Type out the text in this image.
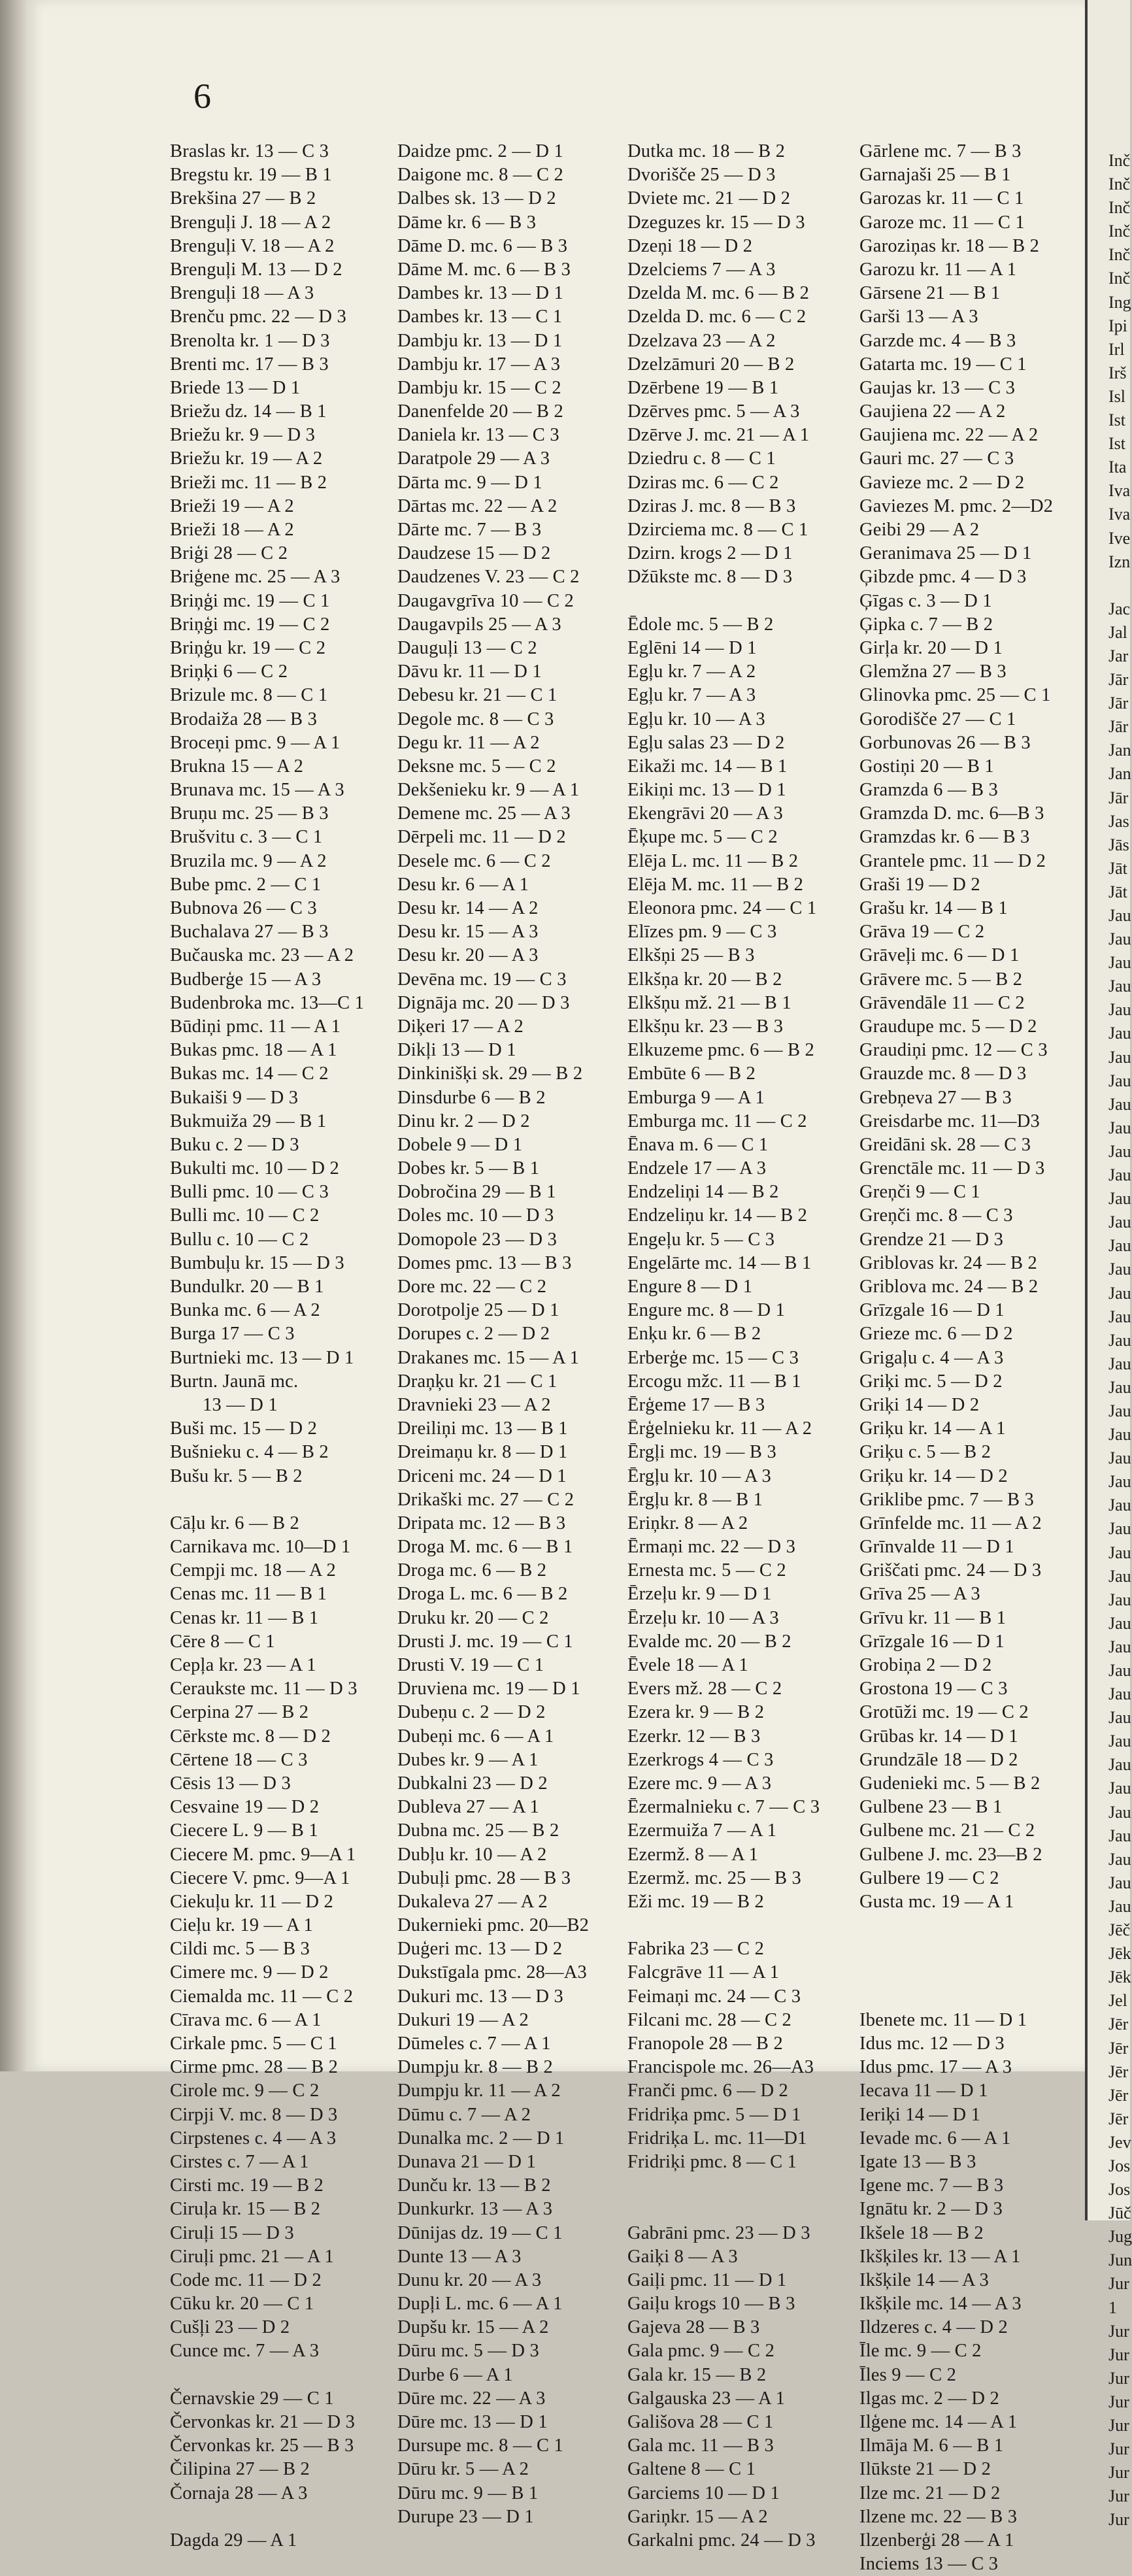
6
Braslas kr. 13 — C 3
Bregstu kr. 19 — B 1
Brekšina 27 — B 2
Brenguļi J. 18 — A 2
Brenguļi V. 18 — A 2
Brenguļi M. 13 — D 2
Brenguļi 18 — A 3
Brenču pmc. 22 — D 3
Brenolta kr. 1 — D 3
Brenti mc. 17 — B 3
Briede 13 — D 1
Briežu dz. 14 — B 1
Briežu kr. 9 — D 3
Briežu kr. 19 — A 2
Brieži mc. 11 — B 2
Brieži 19 — A 2
Brieži 18 — A 2
Briģi 28 — C 2
Briģene mc. 25 — A 3
Briņģi mc. 19 — C 1
Briņģi mc. 19 — C 2
Briņģu kr. 19 — C 2
Briņķi 6 — C 2
Brizule mc. 8 — C 1
Brodaiža 28 — B 3
Broceņi pmc. 9 — A 1
Brukna 15 — A 2
Brunava mc. 15 — A 3
Bruņu mc. 25 — B 3
Brušvitu c. 3 — C 1
Bruzila mc. 9 — A 2
Bube pmc. 2 — C 1
Bubnova 26 — C 3
Buchalava 27 — B 3
Bučauska mc. 23 — A 2
Budberģe 15 — A 3
Budenbroka mc. 13—C 1
Būdiņi pmc. 11 — A 1
Bukas pmc. 18 — A 1
Bukas mc. 14 — C 2
Bukaiši 9 — D 3
Bukmuiža 29 — B 1
Buku c. 2 — D 3
Bukulti mc. 10 — D 2
Bulli pmc. 10 — C 3
Bulli mc. 10 — C 2
Bullu c. 10 — C 2
Bumbuļu kr. 15 — D 3
Bundulkr. 20 — B 1
Bunka mc. 6 — A 2
Burga 17 — C 3
Burtnieki mc. 13 — D 1
Burtn. Jaunā mc.
13 — D 1
Buši mc. 15 — D 2
Bušnieku c. 4 — B 2
Bušu kr. 5 — B 2
Cāļu kr. 6 — B 2
Carnikava mc. 10—D 1
Cempji mc. 18 — A 2
Cenas mc. 11 — B 1
Cenas kr. 11 — B 1
Cēre 8 — C 1
Cepļa kr. 23 — A 1
Ceraukste mc. 11 — D 3
Cerpina 27 — B 2
Cērkste mc. 8 — D 2
Cērtene 18 — C 3
Cēsis 13 — D 3
Cesvaine 19 — D 2
Ciecere L. 9 — B 1
Ciecere M. pmc. 9—A 1
Ciecere V. pmc. 9—A 1
Ciekuļu kr. 11 — D 2
Cieļu kr. 19 — A 1
Cildi mc. 5 — B 3
Cimere mc. 9 — D 2
Ciemalda mc. 11 — C 2
Cīrava mc. 6 — A 1
Cirkale pmc. 5 — C 1
Cirme pmc. 28 — B 2
Cirole mc. 9 — C 2
Cirpji V. mc. 8 — D 3
Cirpstenes c. 4 — A 3
Cirstes c. 7 — A 1
Cirsti mc. 19 — B 2
Ciruļa kr. 15 — B 2
Ciruļi 15 — D 3
Ciruļi pmc. 21 — A 1
Code mc. 11 — D 2
Cūku kr. 20 — C 1
Cušļi 23 — D 2
Cunce mc. 7 — A 3
Černavskie 29 — C 1
Červonkas kr. 21 — D 3
Červonkas kr. 25 — B 3
Čilipina 27 — B 2
Čornaja 28 — A 3
Dagda 29 — A 1
Daidze pmc. 2 — D 1
Daigone mc. 8 — C 2
Dalbes sk. 13 — D 2
Dāme kr. 6 — B 3
Dāme D. mc. 6 — B 3
Dāme M. mc. 6 — B 3
Dambes kr. 13 — D 1
Dambes kr. 13 — C 1
Dambju kr. 13 — D 1
Dambju kr. 17 — A 3
Dambju kr. 15 — C 2
Danenfelde 20 — B 2
Daniela kr. 13 — C 3
Daratpole 29 — A 3
Dārta mc. 9 — D 1
Dārtas mc. 22 — A 2
Dārte mc. 7 — B 3
Daudzese 15 — D 2
Daudzenes V. 23 — C 2
Daugavgrīva 10 — C 2
Daugavpils 25 — A 3
Dauguļi 13 — C 2
Dāvu kr. 11 — D 1
Debesu kr. 21 — C 1
Degole mc. 8 — C 3
Degu kr. 11 — A 2
Deksne mc. 5 — C 2
Dekšenieku kr. 9 — A 1
Demene mc. 25 — A 3
Dērpeli mc. 11 — D 2
Desele mc. 6 — C 2
Desu kr. 6 — A 1
Desu kr. 14 — A 2
Desu kr. 15 — A 3
Desu kr. 20 — A 3
Devēna mc. 19 — C 3
Dignāja mc. 20 — D 3
Diķeri 17 — A 2
Dikļi 13 — D 1
Dinkinišķi sk. 29 — B 2
Dinsdurbe 6 — B 2
Dinu kr. 2 — D 2
Dobele 9 — D 1
Dobes kr. 5 — B 1
Dobročina 29 — B 1
Doles mc. 10 — D 3
Domopole 23 — D 3
Domes pmc. 13 — B 3
Dore mc. 22 — C 2
Dorotpolje 25 — D 1
Dorupes c. 2 — D 2
Drakanes mc. 15 — A 1
Draņķu kr. 21 — C 1
Dravnieki 23 — A 2
Dreiliņi mc. 13 — B 1
Dreimaņu kr. 8 — D 1
Driceni mc. 24 — D 1
Drikaški mc. 27 — C 2
Dripata mc. 12 — B 3
Droga M. mc. 6 — B 1
Droga mc. 6 — B 2
Droga L. mc. 6 — B 2
Druku kr. 20 — C 2
Drusti J. mc. 19 — C 1
Drusti V. 19 — C 1
Druviena mc. 19 — D 1
Dubeņu c. 2 — D 2
Dubeņi mc. 6 — A 1
Dubes kr. 9 — A 1
Dubkalni 23 — D 2
Dubleva 27 — A 1
Dubna mc. 25 — B 2
Dubļu kr. 10 — A 2
Dubuļi pmc. 28 — B 3
Dukaleva 27 — A 2
Dukernieki pmc. 20—B2
Duģeri mc. 13 — D 2
Dukstīgala pmc. 28—A3
Dukuri mc. 13 — D 3
Dukuri 19 — A 2
Dūmeles c. 7 — A 1
Dumpju kr. 8 — B 2
Dumpju kr. 11 — A 2
Dūmu c. 7 — A 2
Dunalka mc. 2 — D 1
Dunava 21 — D 1
Dunču kr. 13 — B 2
Dunkurkr. 13 — A 3
Dūnijas dz. 19 — C 1
Dunte 13 — A 3
Dunu kr. 20 — A 3
Dupļi L. mc. 6 — A 1
Dupšu kr. 15 — A 2
Dūru mc. 5 — D 3
Durbe 6 — A 1
Dūre mc. 22 — A 3
Dūre mc. 13 — D 1
Dursupe mc. 8 — C 1
Dūru kr. 5 — A 2
Dūru mc. 9 — B 1
Durupe 23 — D 1
Dutka mc. 18 — B 2
Dvorišče 25 — D 3
Dviete mc. 21 — D 2
Dzeguzes kr. 15 — D 3
Dzeņi 18 — D 2
Dzelciems 7 — A 3
Dzelda M. mc. 6 — B 2
Dzelda D. mc. 6 — C 2
Dzelzava 23 — A 2
Dzelzāmuri 20 — B 2
Dzērbene 19 — B 1
Dzērves pmc. 5 — A 3
Dzērve J. mc. 21 — A 1
Dziedru c. 8 — C 1
Dziras mc. 6 — C 2
Dziras J. mc. 8 — B 3
Dzirciema mc. 8 — C 1
Dzirn. krogs 2 — D 1
Džūkste mc. 8 — D 3
Ēdole mc. 5 — B 2
Eglēni 14 — D 1
Egļu kr. 7 — A 2
Egļu kr. 7 — A 3
Egļu kr. 10 — A 3
Egļu salas 23 — D 2
Eikaži mc. 14 — B 1
Eikiņi mc. 13 — D 1
Ekengrāvi 20 — A 3
Ēķupe mc. 5 — C 2
Elēja L. mc. 11 — B 2
Elēja M. mc. 11 — B 2
Eleonora pmc. 24 — C 1
Elīzes pm. 9 — C 3
Elkšņi 25 — B 3
Elkšņa kr. 20 — B 2
Elkšņu mž. 21 — B 1
Elkšņu kr. 23 — B 3
Elkuzeme pmc. 6 — B 2
Embūte 6 — B 2
Emburga 9 — A 1
Emburga mc. 11 — C 2
Ēnava m. 6 — C 1
Endzele 17 — A 3
Endzeliņi 14 — B 2
Endzeliņu kr. 14 — B 2
Engeļu kr. 5 — C 3
Engelārte mc. 14 — B 1
Engure 8 — D 1
Engure mc. 8 — D 1
Enķu kr. 6 — B 2
Erberģe mc. 15 — C 3
Ercogu mžc. 11 — B 1
Ērģeme 17 — B 3
Ērģelnieku kr. 11 — A 2
Ērgļi mc. 19 — B 3
Ērgļu kr. 10 — A 3
Ērgļu kr. 8 — B 1
Eriņkr. 8 — A 2
Ērmaņi mc. 22 — D 3
Ernesta mc. 5 — C 2
Ērzeļu kr. 9 — D 1
Ērzeļu kr. 10 — A 3
Evalde mc. 20 — B 2
Ēvele 18 — A 1
Evers mž. 28 — C 2
Ezera kr. 9 — B 2
Ezerkr. 12 — B 3
Ezerkrogs 4 — C 3
Ezere mc. 9 — A 3
Ēzermalnieku c. 7 — C 3
Ezermuiža 7 — A 1
Ezermž. 8 — A 1
Ezermž. mc. 25 — B 3
Eži mc. 19 — B 2
Fabrika 23 — C 2
Falcgrāve 11 — A 1
Feimaņi mc. 24 — C 3
Filcani mc. 28 — C 2
Franopole 28 — B 2
Francispole mc. 26—A3
Franči pmc. 6 — D 2
Fridriķa pmc. 5 — D 1
Fridriķa L. mc. 11—D1
Fridriķi pmc. 8 — C 1
Gabrāni pmc. 23 — D 3
Gaiķi 8 — A 3
Gaiļi pmc. 11 — D 1
Gaiļu krogs 10 — B 3
Gajeva 28 — B 3
Gala pmc. 9 — C 2
Gala kr. 15 — B 2
Galgauska 23 — A 1
Gališova 28 — C 1
Gala mc. 11 — B 3
Galtene 8 — C 1
Garciems 10 — D 1
Gariņkr. 15 — A 2
Garkalni pmc. 24 — D 3
Gārlene mc. 7 — B 3
Garnajaši 25 — B 1
Garozas kr. 11 — C 1
Garoze mc. 11 — C 1
Garoziņas kr. 18 — B 2
Garozu kr. 11 — A 1
Gārsene 21 — B 1
Garši 13 — A 3
Garzde mc. 4 — B 3
Gatarta mc. 19 — C 1
Gaujas kr. 13 — C 3
Gaujiena 22 — A 2
Gaujiena mc. 22 — A 2
Gauri mc. 27 — C 3
Gavieze mc. 2 — D 2
Gaviezes M. pmc. 2—D2
Geibi 29 — A 2
Geranimava 25 — D 1
Ģibzde pmc. 4 — D 3
Ģīgas c. 3 — D 1
Ģipka c. 7 — B 2
Girļa kr. 20 — D 1
Glemžna 27 — B 3
Glinovka pmc. 25 — C 1
Gorodišče 27 — C 1
Gorbunovas 26 — B 3
Gostiņi 20 — B 1
Gramzda 6 — B 3
Gramzda D. mc. 6—B 3
Gramzdas kr. 6 — B 3
Grantele pmc. 11 — D 2
Graši 19 — D 2
Grašu kr. 14 — B 1
Grāva 19 — C 2
Grāveļi mc. 6 — D 1
Grāvere mc. 5 — B 2
Grāvendāle 11 — C 2
Graudupe mc. 5 — D 2
Graudiņi pmc. 12 — C 3
Grauzde mc. 8 — D 3
Grebņeva 27 — B 3
Greisdarbe mc. 11—D3
Greidāni sk. 28 — C 3
Grenctāle mc. 11 — D 3
Greņči 9 — C 1
Greņči mc. 8 — C 3
Grendze 21 — D 3
Griblovas kr. 24 — B 2
Griblova mc. 24 — B 2
Grīzgale 16 — D 1
Grieze mc. 6 — D 2
Grigaļu c. 4 — A 3
Griķi mc. 5 — D 2
Griķi 14 — D 2
Griķu kr. 14 — A 1
Griķu c. 5 — B 2
Griķu kr. 14 — D 2
Griklibe pmc. 7 — B 3
Grīnfelde mc. 11 — A 2
Grīnvalde 11 — D 1
Griščati pmc. 24 — D 3
Grīva 25 — A 3
Grīvu kr. 11 — B 1
Grīzgale 16 — D 1
Grobiņa 2 — D 2
Grostona 19 — C 3
Grotūži mc. 19 — C 2
Grūbas kr. 14 — D 1
Grundzāle 18 — D 2
Gudenieki mc. 5 — B 2
Gulbene 23 — B 1
Gulbene mc. 21 — C 2
Gulbene J. mc. 23—B 2
Gulbere 19 — C 2
Gusta mc. 19 — A 1
Ibenete mc. 11 — D 1
Idus mc. 12 — D 3
Idus pmc. 17 — A 3
Iecava 11 — D 1
Ieriķi 14 — D 1
Ievade mc. 6 — A 1
Igate 13 — B 3
Igene mc. 7 — B 3
Ignātu kr. 2 — D 3
Ikšele 18 — B 2
Ikšķiles kr. 13 — A 1
Ikšķile 14 — A 3
Ikšķile mc. 14 — A 3
Ildzeres c. 4 — D 2
Īle mc. 9 — C 2
Īles 9 — C 2
Ilgas mc. 2 — D 2
Ilģene mc. 14 — A 1
Ilmāja M. 6 — B 1
Ilūkste 21 — D 2
Ilze mc. 21 — D 2
Ilzene mc. 22 — B 3
Ilzenberģi 28 — A 1
Inciems 13 — C 3
Inč
Inč
Inč
Inč
Inč
Inč
Ing
Ipi
Irl
Irš
Isl
Ist
Ist
Ita
Iva
Iva
Ive
Izn
Jac
Jal
Jar
Jār
Jār
Jār
Jan
Jan
Jār
Jas
Jās
Jāt
Jāt
Jau
Jau
Jau
Jau
Jau
Jau
Jau
Jau
Jau
Jau
Jau
Jau
Jau
Jau
Jau
Jau
Jau
Jau
Jau
Jau
Jau
Jau
Jau
Jau
Jau
Jau
Jau
Jau
Jau
Jau
Jau
Jau
Jau
Jau
Jau
Jau
Jau
Jau
Jau
Jau
Jau
Jau
Jau
Jēč
Jēk
Jēk
Jel
Jēr
Jēr
Jēr
Jēr
Jēr
Jev
Jos
Jos
Jūč
Jug
Jun
Jur
1
Jur
Jur
Jur
Jur
Jur
Jur
Jur
Jur
Jur
